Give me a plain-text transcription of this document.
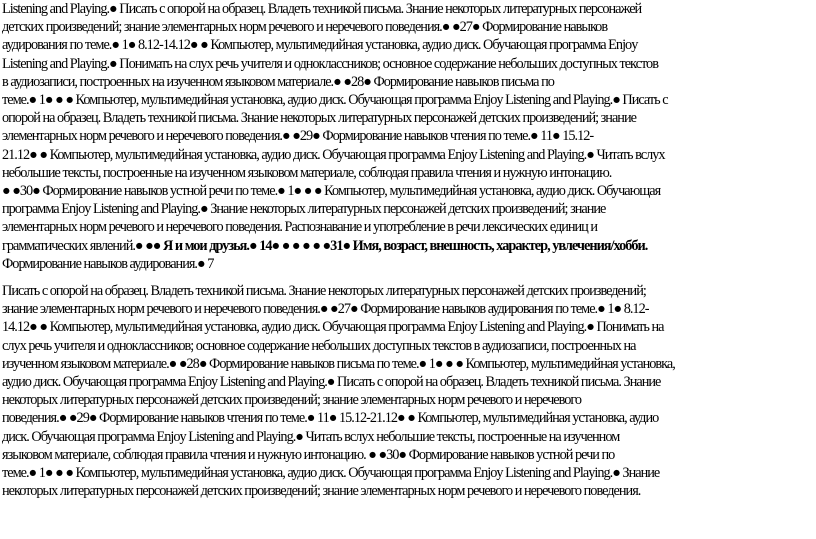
Listening and Playing.● Писать с опорой на образец. Владеть техникой письма. Знание некоторых литературных персонажей
детских произведений; знание элементарных норм речевого и неречевого поведения.● ●27● Формирование навыков
аудирования по теме.● 1● 8.12-14.12● ● Компьютер, мультимедийная установка, аудио диск. Обучающая программа Enjoy
Listening and Playing.● Понимать на слух речь учителя и одноклассников; основное содержание небольших доступных текстов
в аудиозаписи, построенных на изученном языковом материале.● ●28● Формирование навыков письма по
теме.● 1● ● ● Компьютер, мультимедийная установка, аудио диск. Обучающая программа Enjoy Listening and Playing.● Писать с
опорой на образец. Владеть техникой письма. Знание некоторых литературных персонажей детских произведений; знание
элементарных норм речевого и неречевого поведения.● ●29● Формирование навыков чтения по теме.● 11● 15.12-
21.12● ● Компьютер, мультимедийная установка, аудио диск. Обучающая программа Enjoy Listening and Playing.● Читать вслух
небольшие тексты, построенные на изученном языковом материале, соблюдая правила чтения и нужную интонацию.
● ●30● Формирование навыков устной речи по теме.● 1● ● ● Компьютер, мультимедийная установка, аудио диск. Обучающая
программа Enjoy Listening and Playing.● Знание некоторых литературных персонажей детских произведений; знание
элементарных норм речевого и неречевого поведения. Распознавание и употребление в речи лексических единиц и
грамматических явлений.● ●● Я и мои друзья.● 14● ● ● ● ● ●31● Имя, возраст, внешность, характер, увлечения/хобби.
Формирование навыков аудирования.● 7
Писать с опорой на образец. Владеть техникой письма. Знание некоторых литературных персонажей детских произведений;
знание элементарных норм речевого и неречевого поведения.● ●27● Формирование навыков аудирования по теме.● 1● 8.12-
14.12● ● Компьютер, мультимедийная установка, аудио диск. Обучающая программа Enjoy Listening and Playing.● Понимать на
слух речь учителя и одноклассников; основное содержание небольших доступных текстов в аудиозаписи, построенных на
изученном языковом материале.● ●28● Формирование навыков письма по теме.● 1● ● ● Компьютер, мультимедийная установка,
аудио диск. Обучающая программа Enjoy Listening and Playing.● Писать с опорой на образец. Владеть техникой письма. Знание
некоторых литературных персонажей детских произведений; знание элементарных норм речевого и неречевого
поведения.● ●29● Формирование навыков чтения по теме.● 11● 15.12-21.12● ● Компьютер, мультимедийная установка, аудио
диск. Обучающая программа Enjoy Listening and Playing.● Читать вслух небольшие тексты, построенные на изученном
языковом материале, соблюдая правила чтения и нужную интонацию. ● ●30● Формирование навыков устной речи по
теме.● 1● ● ● Компьютер, мультимедийная установка, аудио диск. Обучающая программа Enjoy Listening and Playing.● Знание
некоторых литературных персонажей детских произведений; знание элементарных норм речевого и неречевого поведения.
